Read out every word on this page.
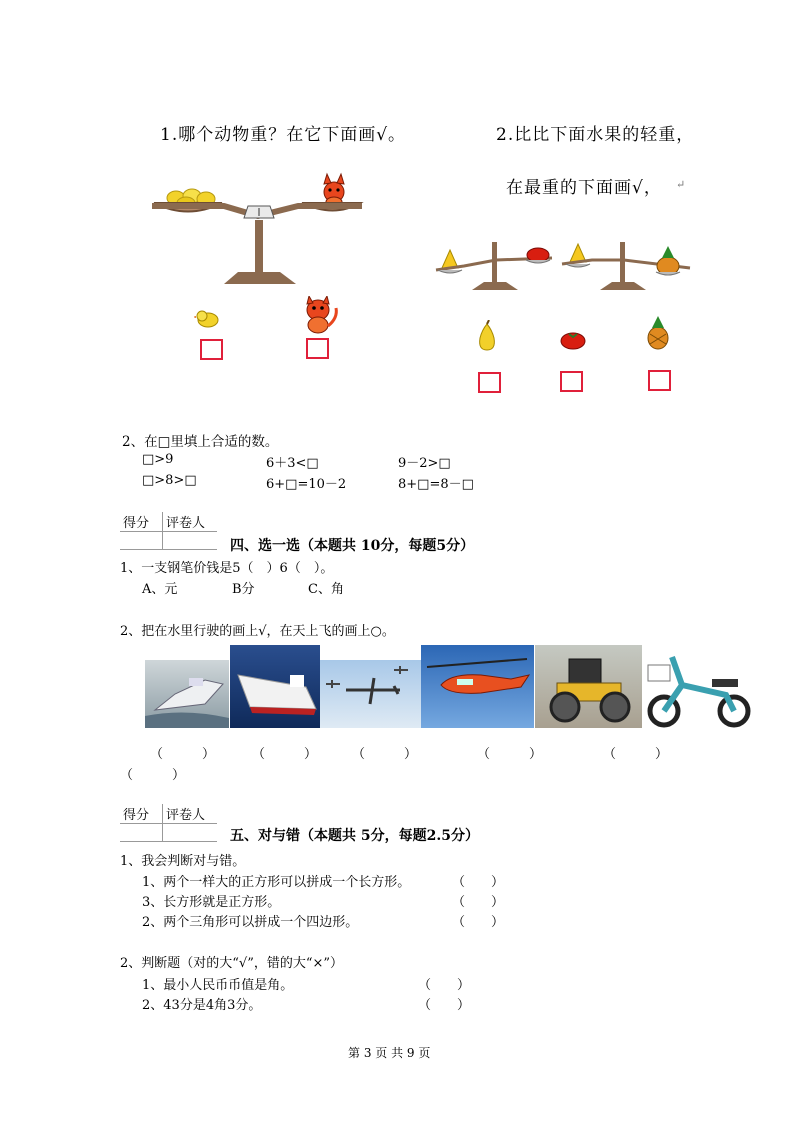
1.哪个动物重？在它下面画√。	2.比比下面水果的轻重，
在最重的下面画√， ↵
2、在□里填上合适的数。
□>9	6＋3<□	9－2>□
□>8>□	6+□=10－2	8+□=8－□
得分	评卷人

四、选一选（本题共 10分，每题5分）
1、一支钢笔价钱是5（　）6（　）。
A、元	B分	C、角
2、把在水里行驶的画上√，在天上飞的画上○。
（　　　）	（　　　）	（　　　）	（　　　）	（　　　）
（　　　）
得分	评卷人

五、对与错（本题共 5分，每题2.5分）
1、我会判断对与错。
1、两个一样大的正方形可以拼成一个长方形。	（　　）
3、长方形就是正方形。	（　　）
2、两个三角形可以拼成一个四边形。	（　　）
2、判断题（对的大“√”，错的大“×”）
1、最小人民币币值是角。	（　　）
2、43分是4角3分。	（　　）
第 3 页 共 9 页
